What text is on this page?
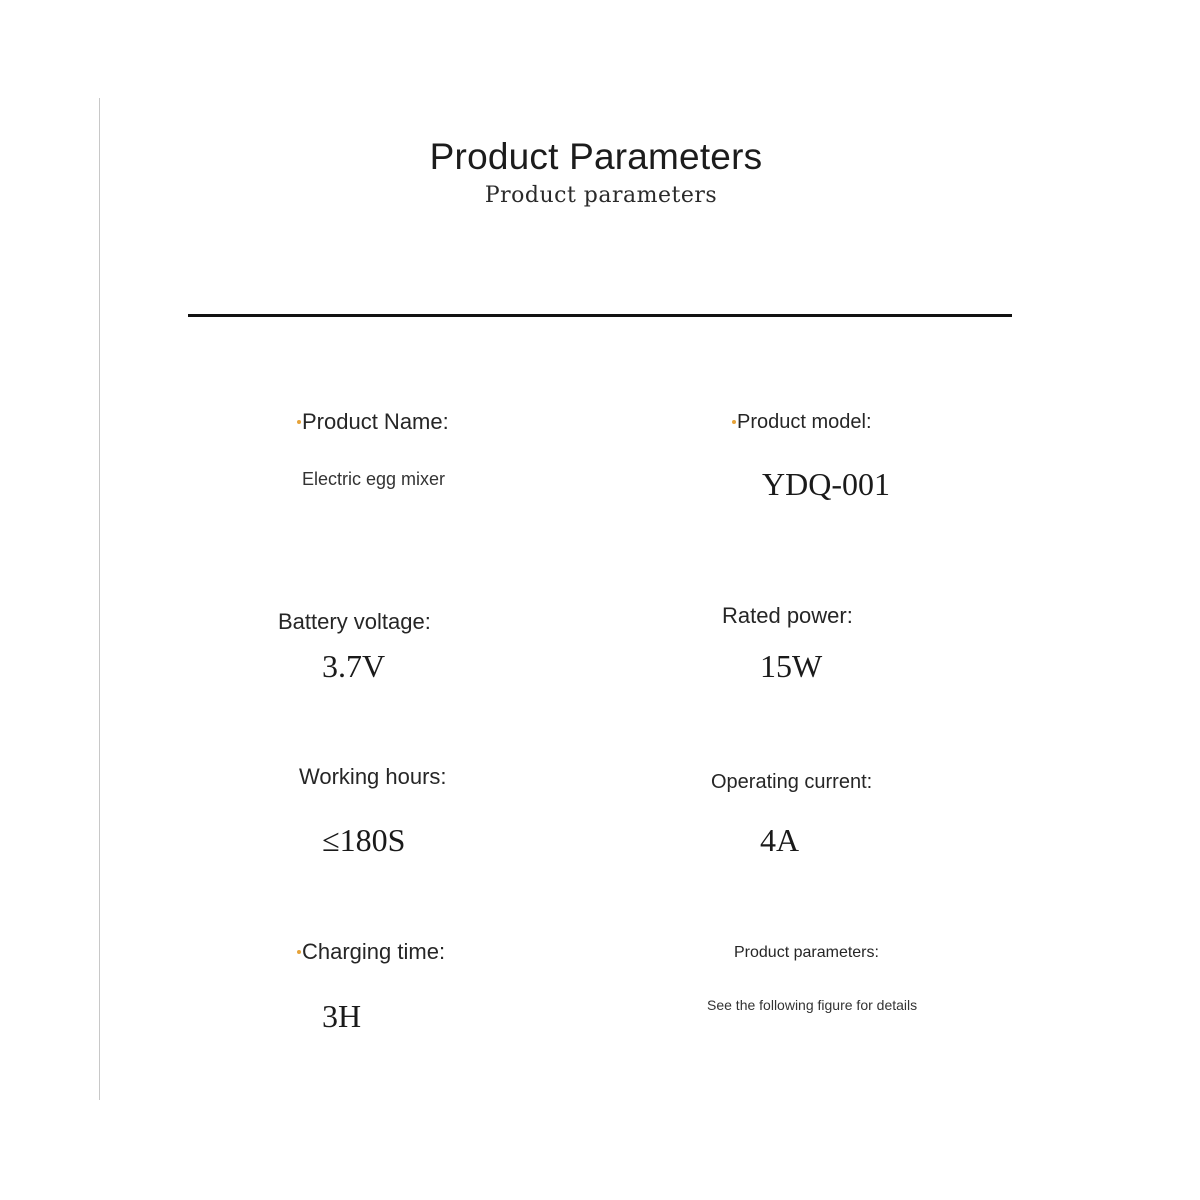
Product Parameters
Product parameters
Product Name:
Electric egg mixer
Product model:
YDQ-001
Battery voltage:
3.7V
Rated power:
15W
Working hours:
≤180S
Operating current:
4A
Charging time:
3H
Product parameters:
See the following figure for details
